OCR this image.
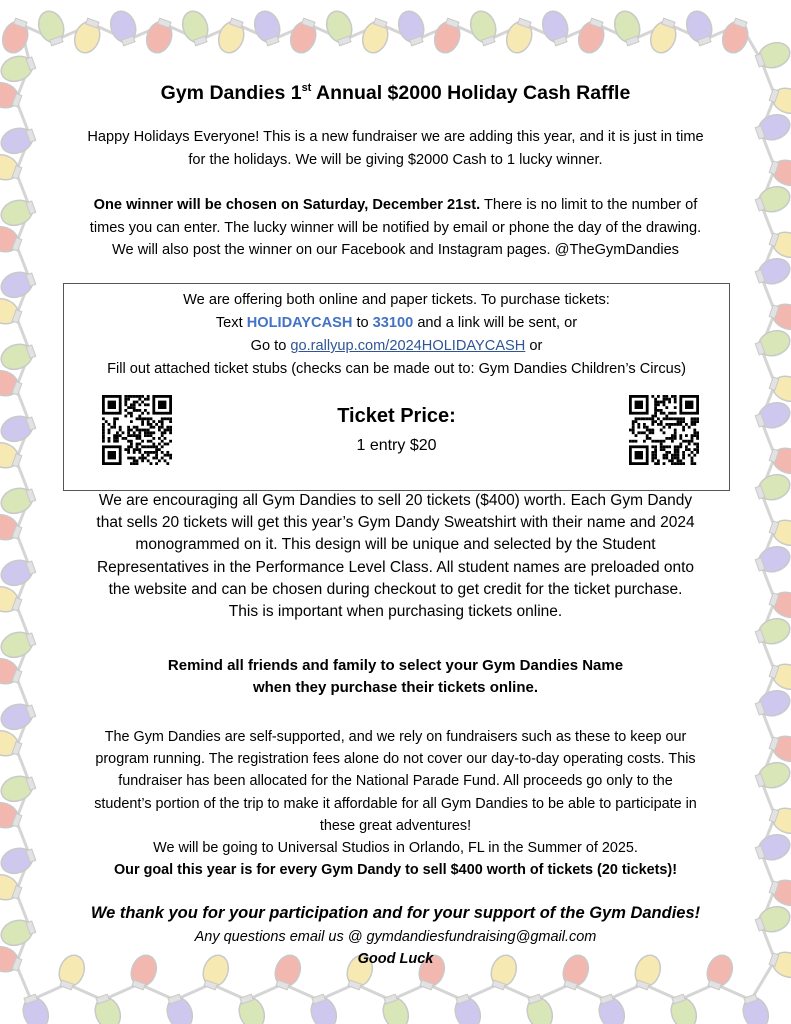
Gym Dandies 1st Annual $2000 Holiday Cash Raffle
Happy Holidays Everyone! This is a new fundraiser we are adding this year, and it is just in time
for the holidays. We will be giving $2000 Cash to 1 lucky winner.
One winner will be chosen on Saturday, December 21st. There is no limit to the number of
times you can enter. The lucky winner will be notified by email or phone the day of the drawing.
We will also post the winner on our Facebook and Instagram pages. @TheGymDandies
We are offering both online and paper tickets. To purchase tickets:
Text HOLIDAYCASH to 33100 and a link will be sent, or
Go to go.rallyup.com/2024HOLIDAYCASH or
Fill out attached ticket stubs (checks can be made out to: Gym Dandies Children’s Circus)
Ticket Price:
1 entry $20
We are encouraging all Gym Dandies to sell 20 tickets ($400) worth. Each Gym Dandy
that sells 20 tickets will get this year’s Gym Dandy Sweatshirt with their name and 2024
monogrammed on it. This design will be unique and selected by the Student
Representatives in the Performance Level Class. All student names are preloaded onto
the website and can be chosen during checkout to get credit for the ticket purchase.
This is important when purchasing tickets online.
Remind all friends and family to select your Gym Dandies Name
when they purchase their tickets online.
The Gym Dandies are self-supported, and we rely on fundraisers such as these to keep our
program running. The registration fees alone do not cover our day-to-day operating costs. This
fundraiser has been allocated for the National Parade Fund. All proceeds go only to the
student’s portion of the trip to make it affordable for all Gym Dandies to be able to participate in
these great adventures!
We will be going to Universal Studios in Orlando, FL in the Summer of 2025.
Our goal this year is for every Gym Dandy to sell $400 worth of tickets (20 tickets)!
We thank you for your participation and for your support of the Gym Dandies!
Any questions email us @ gymdandiesfundraising@gmail.com
Good Luck
